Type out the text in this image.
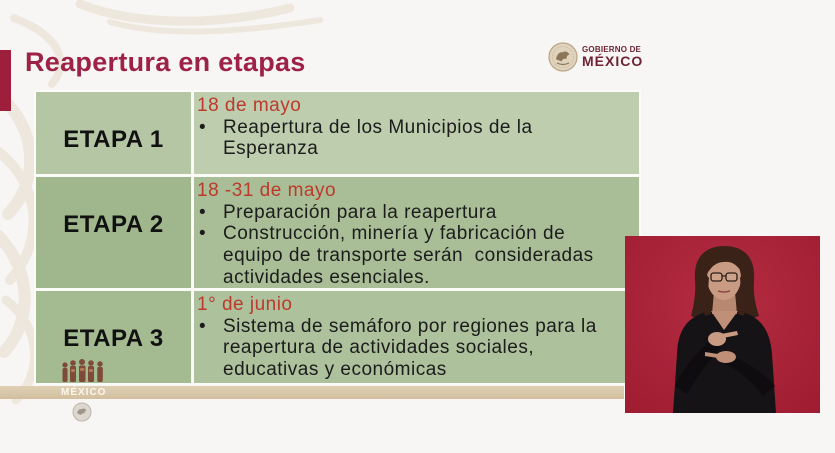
Reapertura en etapas	GOBIERNO DE
MÉXICO
ETAPA 1
18 de mayo
• Reapertura de los Municipios de la Esperanza
ETAPA 2
18 -31 de mayo
• Preparación para la reapertura
• Construcción, minería y fabricación de equipo de transporte serán  consideradas actividades esenciales.
ETAPA 3
1° de junio
• Sistema de semáforo por regiones para la reapertura de actividades sociales, educativas y económicas
MÉXICO
